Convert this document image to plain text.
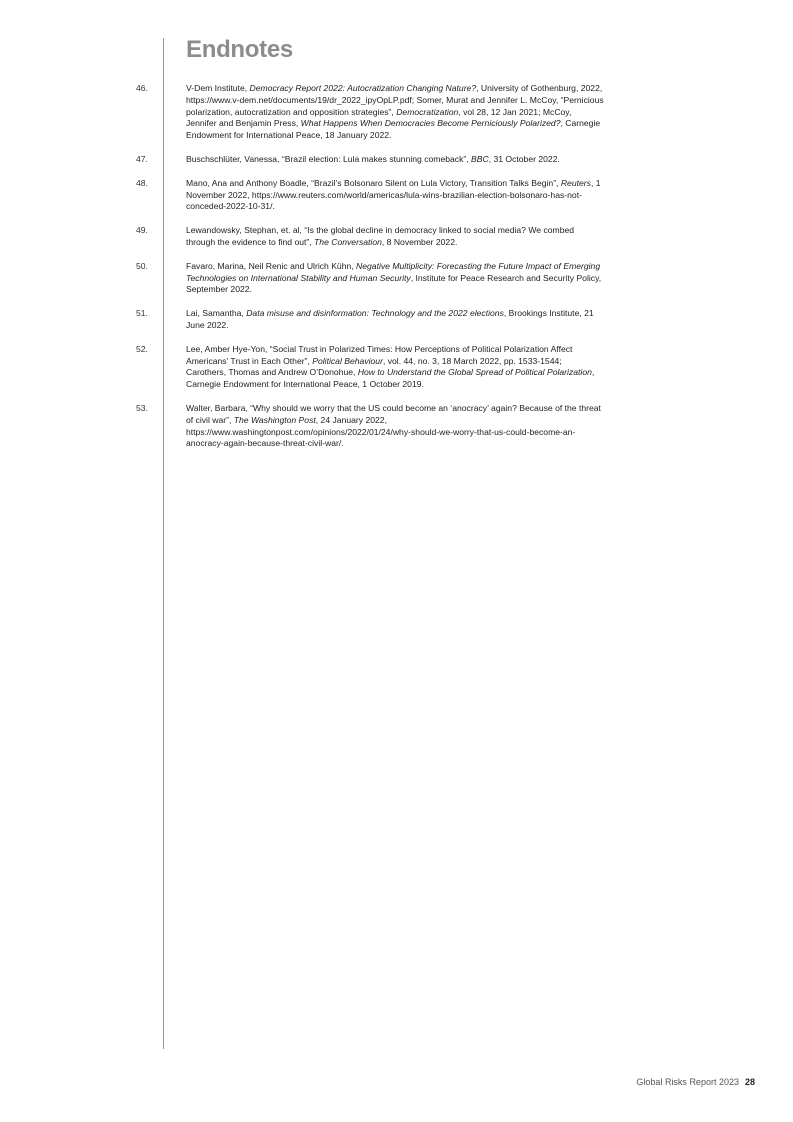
Endnotes
46.	V-Dem Institute, Democracy Report 2022: Autocratization Changing Nature?, University of Gothenburg, 2022, https://www.v-dem.net/documents/19/dr_2022_ipyOpLP.pdf; Somer, Murat and Jennifer L. McCoy, “Pernicious polarization, autocratization and opposition strategies”, Democratization, vol 28, 12 Jan 2021; McCoy, Jennifer and Benjamin Press, What Happens When Democracies Become Perniciously Polarized?, Carnegie Endowment for International Peace, 18 January 2022.
47.	Buschschlüter, Vanessa, “Brazil election: Lula makes stunning comeback”, BBC, 31 October 2022.
48.	Mano, Ana and Anthony Boadle, “Brazil’s Bolsonaro Silent on Lula Victory, Transition Talks Begin”, Reuters, 1 November 2022, https://www.reuters.com/world/americas/lula-wins-brazilian-election-bolsonaro-has-not-conceded-2022-10-31/.
49.	Lewandowsky, Stephan, et. al, “Is the global decline in democracy linked to social media? We combed through the evidence to find out”, The Conversation, 8 November 2022.
50.	Favaro, Marina, Neil Renic and Ulrich Kühn, Negative Multiplicity: Forecasting the Future Impact of Emerging Technologies on International Stability and Human Security, Institute for Peace Research and Security Policy, September 2022.
51.	Lai, Samantha, Data misuse and disinformation: Technology and the 2022 elections, Brookings Institute, 21 June 2022.
52.	Lee, Amber Hye-Yon, “Social Trust in Polarized Times: How Perceptions of Political Polarization Affect Americans’ Trust in Each Other”, Political Behaviour, vol. 44, no. 3, 18 March 2022, pp. 1533-1544; Carothers, Thomas and Andrew O’Donohue, How to Understand the Global Spread of Political Polarization, Carnegie Endowment for International Peace, 1 October 2019.
53.	Walter, Barbara, “Why should we worry that the US could become an ‘anocracy’ again? Because of the threat of civil war”, The Washington Post, 24 January 2022, https://www.washingtonpost.com/opinions/2022/01/24/why-should-we-worry-that-us-could-become-an-anocracy-again-because-threat-civil-war/.
Global Risks Report 2023 28
